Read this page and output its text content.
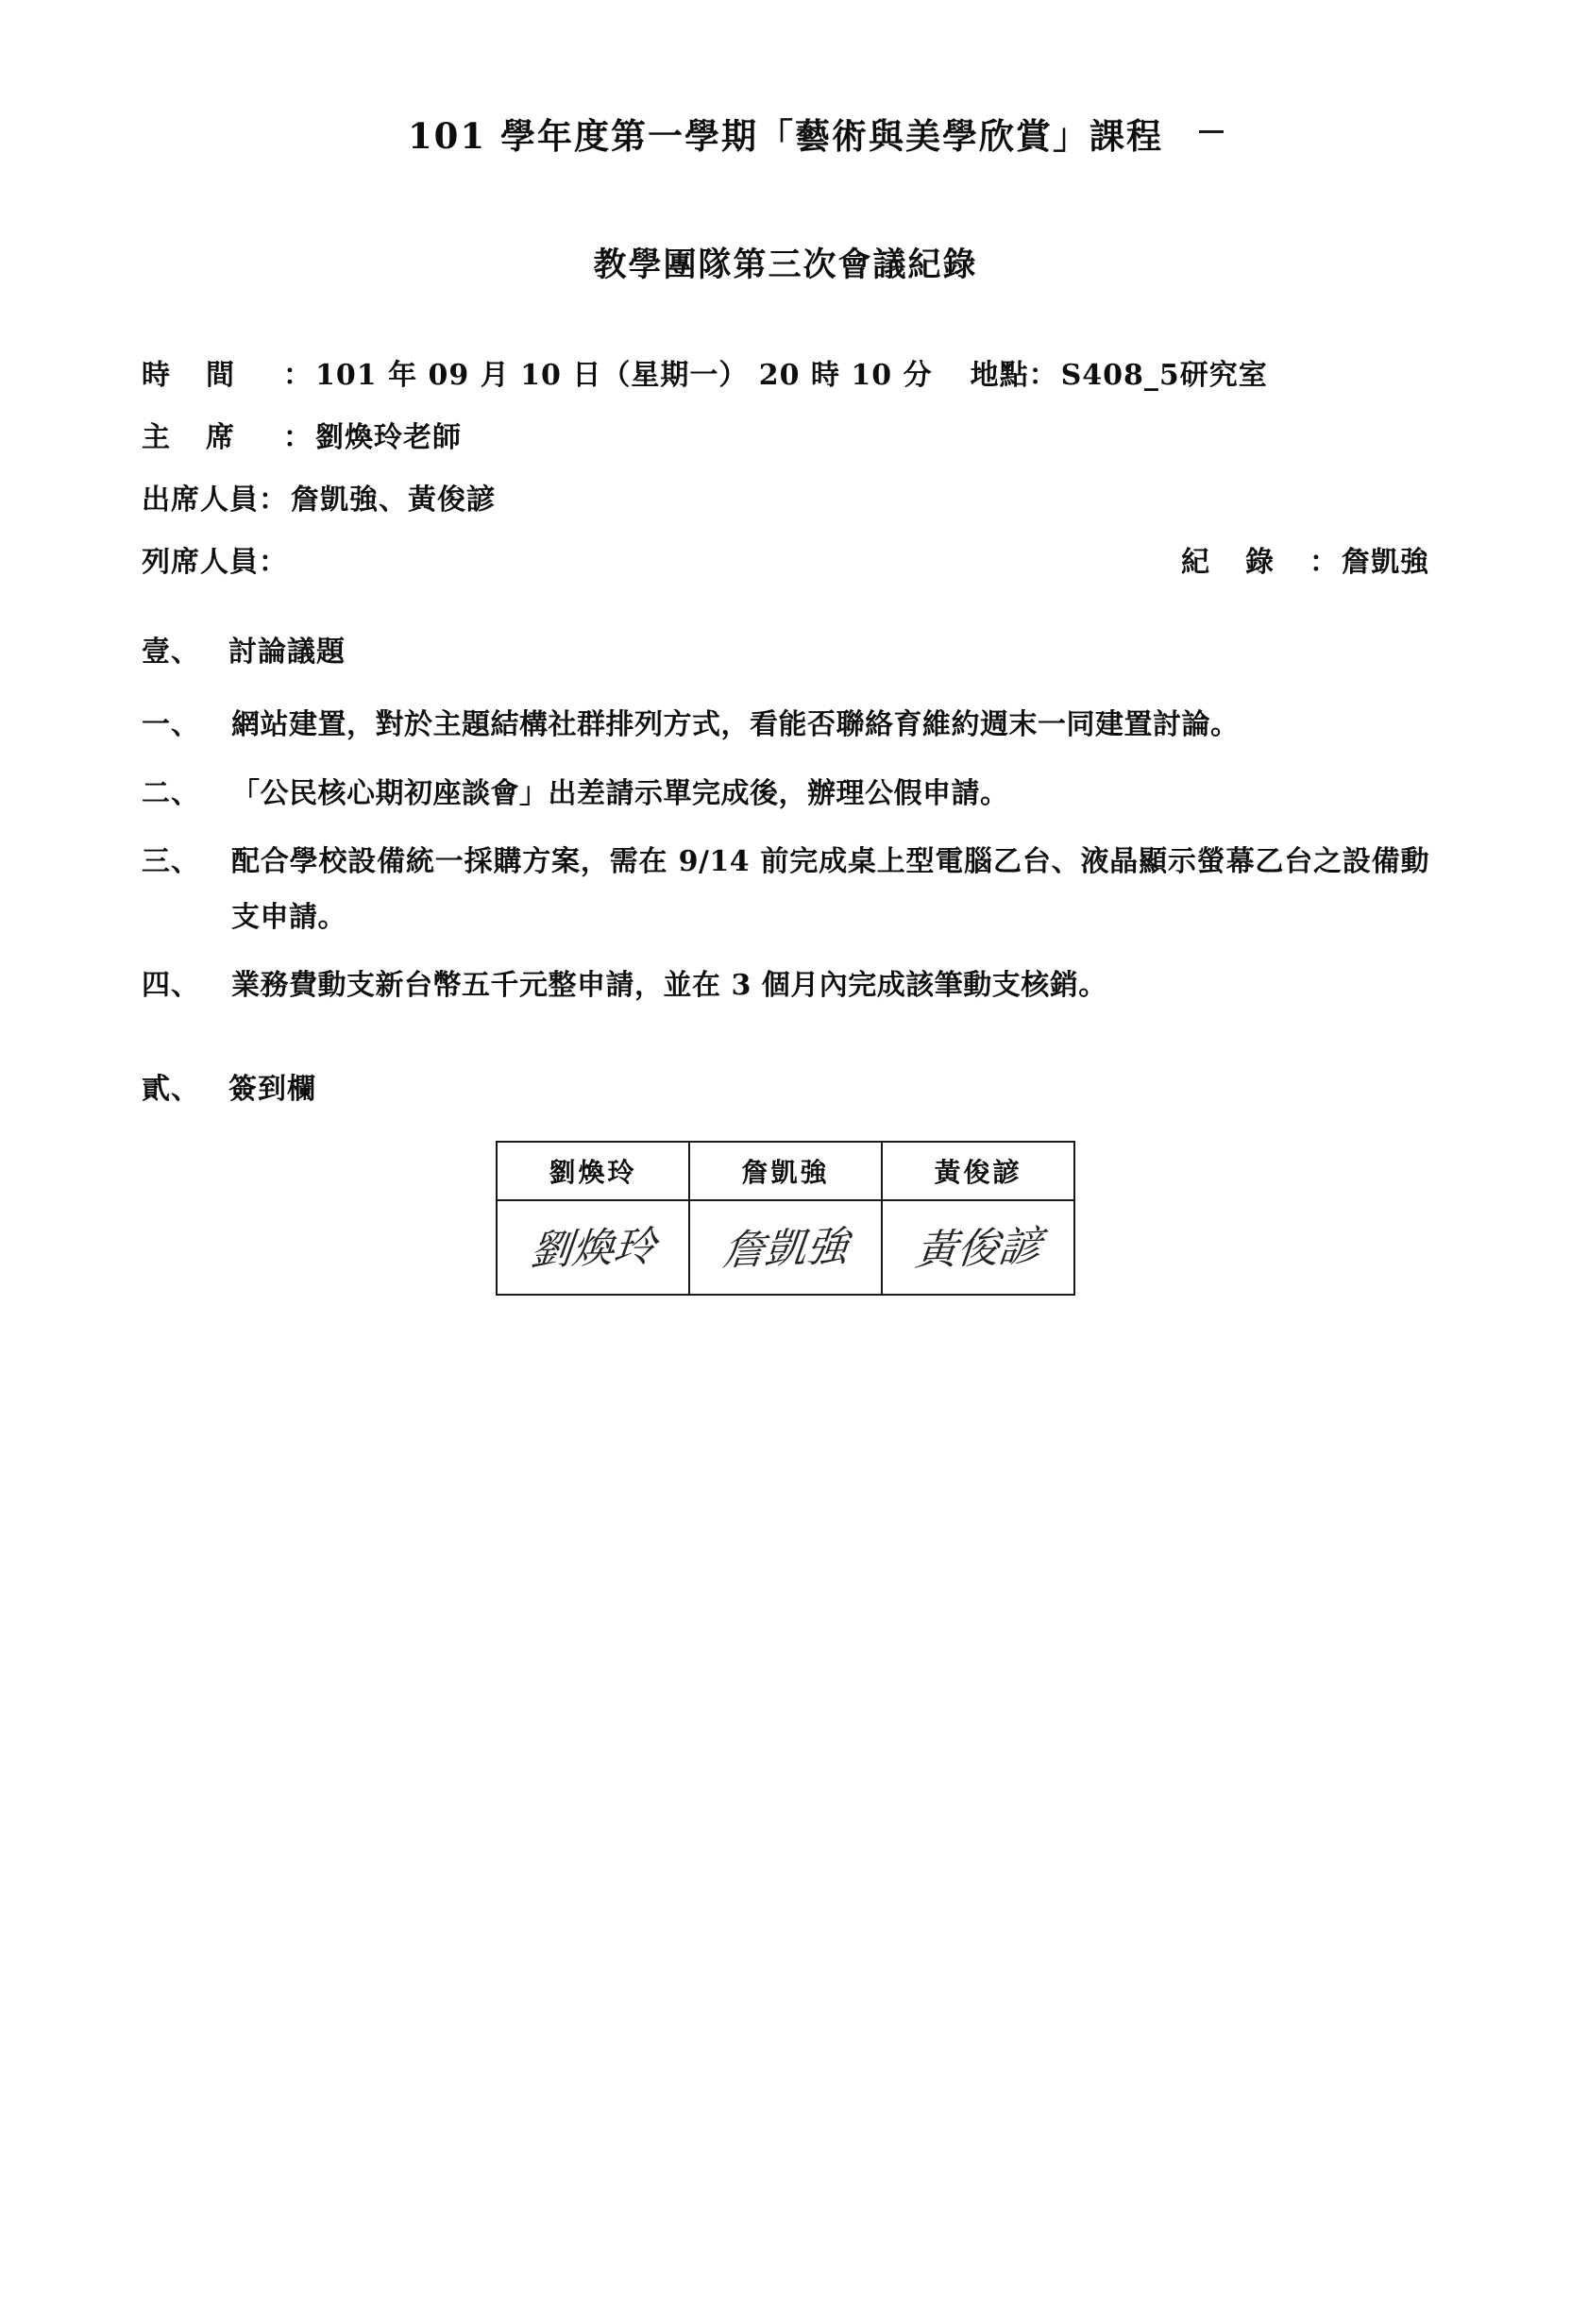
101 學年度第一學期「藝術與美學欣賞」課程
教學團隊第三次會議紀錄
時間 ： 101 年 09 月 10 日（星期一） 20 時 10 分 地點 ： S408_5研究室
主席 ： 劉煥玲老師
出席人員 ： 詹凱強、黃俊諺
列席人員 ：	紀錄 ： 詹凱強
壹、 討論議題
一、	網站建置，對於主題結構社群排列方式，看能否聯絡育維約週末一同建置討論。
二、	「公民核心期初座談會」出差請示單完成後，辦理公假申請。
三、	配合學校設備統一採購方案，需在 9/14 前完成桌上型電腦乙台、液晶顯示螢幕乙台之設備動支申請。
四、	業務費動支新台幣五千元整申請，並在 3 個月內完成該筆動支核銷。
貳、 簽到欄
劉煥玲	詹凱強	黃俊諺
劉煥玲	詹凱強	黃俊諺
